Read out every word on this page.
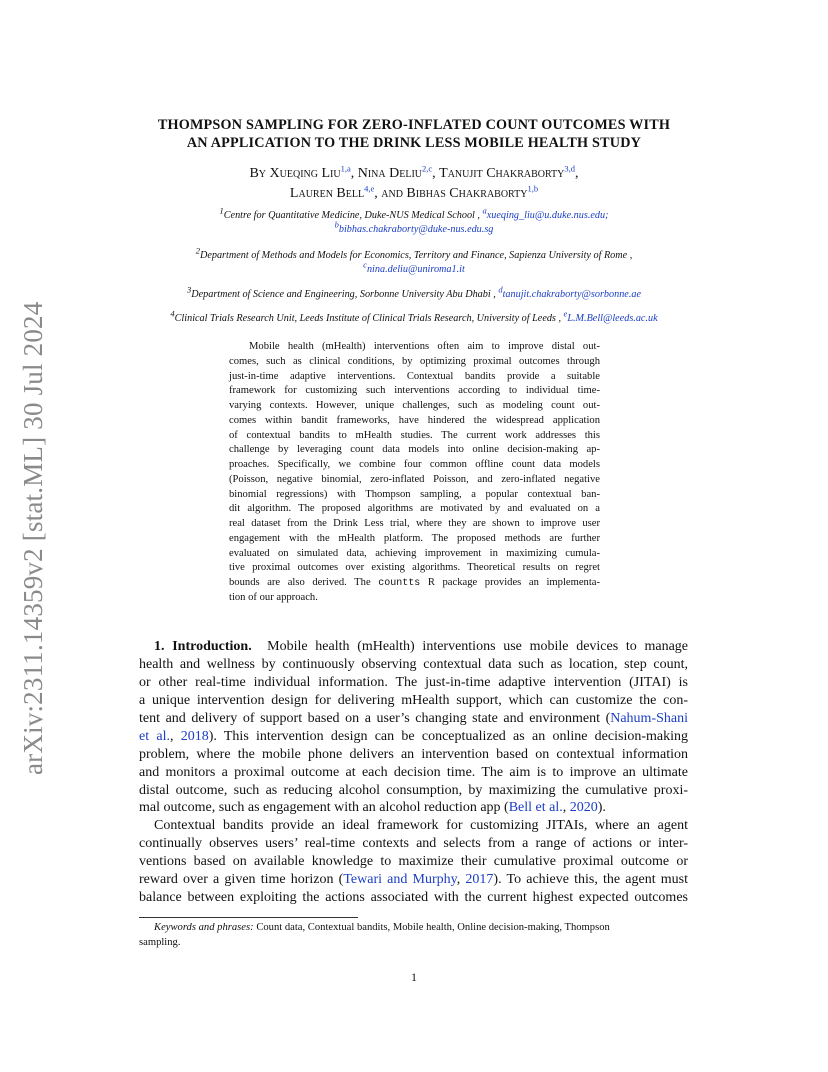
arXiv:2311.14359v2 [stat.ML] 30 Jul 2024
THOMPSON SAMPLING FOR ZERO-INFLATED COUNT OUTCOMES WITH
AN APPLICATION TO THE DRINK LESS MOBILE HEALTH STUDY
By Xueqing Liu$^{1,a}$, Nina Deliu$^{2,c}$, Tanujit Chakraborty$^{3,d}$,
Lauren Bell$^{4,e}$, and Bibhas Chakraborty$^{1,b}$
$^1$Centre for Quantitative Medicine, Duke-NUS Medical School , $^a$xueqing_liu@u.duke.nus.edu;
$^b$bibhas.chakraborty@duke-nus.edu.sg
$^2$Department of Methods and Models for Economics, Territory and Finance, Sapienza University of Rome ,
$^c$nina.deliu@uniroma1.it
$^3$Department of Science and Engineering, Sorbonne University Abu Dhabi , $^d$tanujit.chakraborty@sorbonne.ae
$^4$Clinical Trials Research Unit, Leeds Institute of Clinical Trials Research, University of Leeds , $^e$L.M.Bell@leeds.ac.uk
Mobile health (mHealth) interventions often aim to improve distal out-
comes, such as clinical conditions, by optimizing proximal outcomes through
just-in-time adaptive interventions. Contextual bandits provide a suitable
framework for customizing such interventions according to individual time-
varying contexts. However, unique challenges, such as modeling count out-
comes within bandit frameworks, have hindered the widespread application
of contextual bandits to mHealth studies. The current work addresses this
challenge by leveraging count data models into online decision-making ap-
proaches. Specifically, we combine four common offline count data models
(Poisson, negative binomial, zero-inflated Poisson, and zero-inflated negative
binomial regressions) with Thompson sampling, a popular contextual ban-
dit algorithm. The proposed algorithms are motivated by and evaluated on a
real dataset from the Drink Less trial, where they are shown to improve user
engagement with the mHealth platform. The proposed methods are further
evaluated on simulated data, achieving improvement in maximizing cumula-
tive proximal outcomes over existing algorithms. Theoretical results on regret
bounds are also derived. The countts R package provides an implementa-
tion of our approach.
1. Introduction. Mobile health (mHealth) interventions use mobile devices to manage
health and wellness by continuously observing contextual data such as location, step count,
or other real-time individual information. The just-in-time adaptive intervention (JITAI) is
a unique intervention design for delivering mHealth support, which can customize the con-
tent and delivery of support based on a user’s changing state and environment (Nahum-Shani
et al., 2018). This intervention design can be conceptualized as an online decision-making
problem, where the mobile phone delivers an intervention based on contextual information
and monitors a proximal outcome at each decision time. The aim is to improve an ultimate
distal outcome, such as reducing alcohol consumption, by maximizing the cumulative proxi-
mal outcome, such as engagement with an alcohol reduction app (Bell et al., 2020).
Contextual bandits provide an ideal framework for customizing JITAIs, where an agent
continually observes users’ real-time contexts and selects from a range of actions or inter-
ventions based on available knowledge to maximize their cumulative proximal outcome or
reward over a given time horizon (Tewari and Murphy, 2017). To achieve this, the agent must
balance between exploiting the actions associated with the current highest expected outcomes
Keywords and phrases: Count data, Contextual bandits, Mobile health, Online decision-making, Thompson
sampling.
1
